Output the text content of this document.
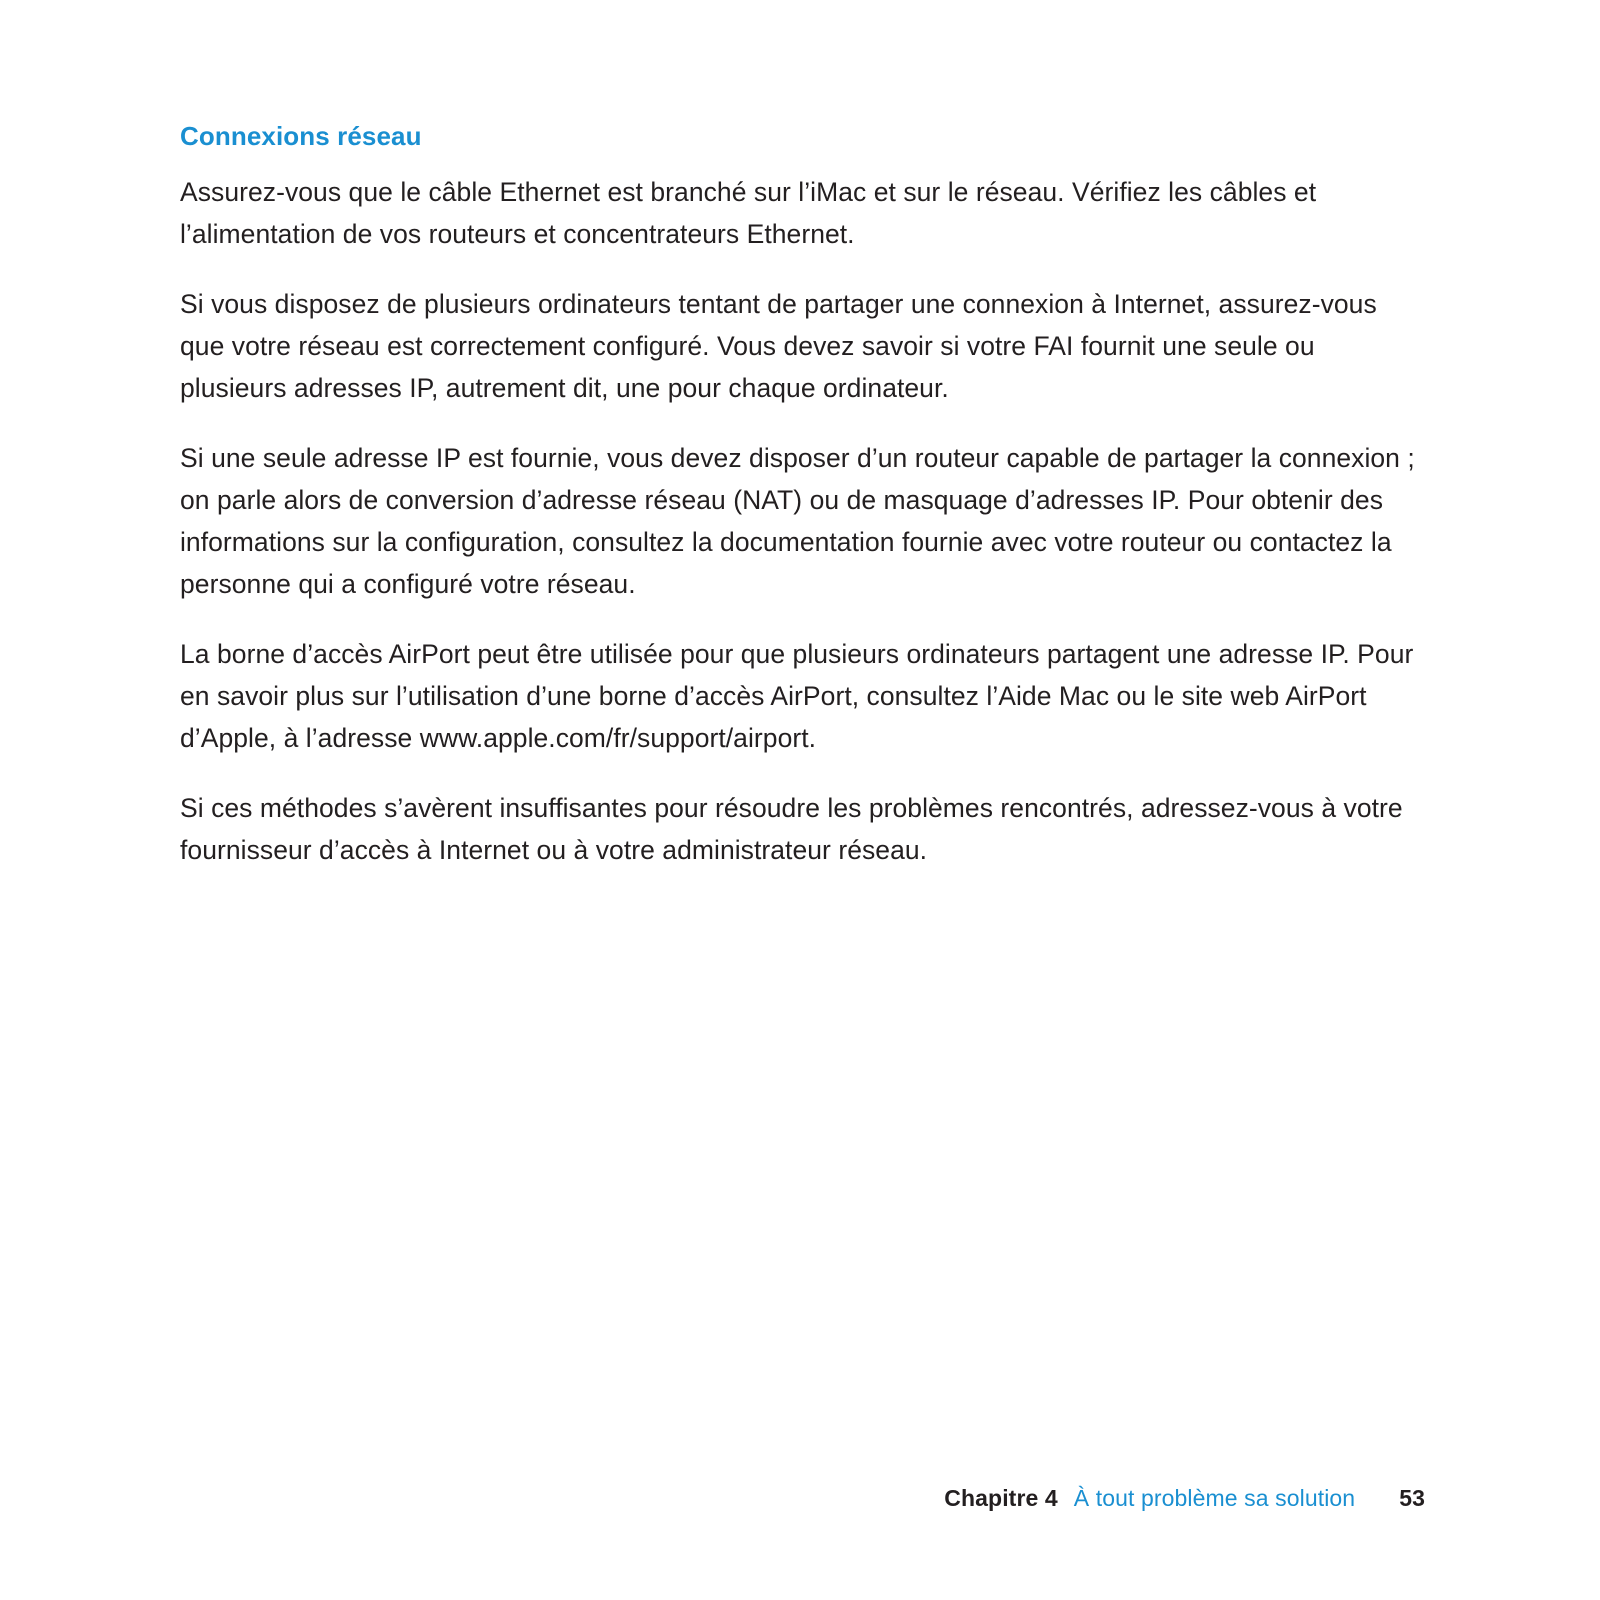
Connexions réseau

Assurez-vous que le câble Ethernet est branché sur l’iMac et sur le réseau. Vérifiez les câbles et l’alimentation de vos routeurs et concentrateurs Ethernet.

Si vous disposez de plusieurs ordinateurs tentant de partager une connexion à Internet, assurez-vous que votre réseau est correctement configuré. Vous devez savoir si votre FAI fournit une seule ou plusieurs adresses IP, autrement dit, une pour chaque ordinateur.

Si une seule adresse IP est fournie, vous devez disposer d’un routeur capable de partager la connexion ; on parle alors de conversion d’adresse réseau (NAT) ou de masquage d’adresses IP. Pour obtenir des informations sur la configuration, consultez la documentation fournie avec votre routeur ou contactez la personne qui a configuré votre réseau.

La borne d’accès AirPort peut être utilisée pour que plusieurs ordinateurs partagent une adresse IP. Pour en savoir plus sur l’utilisation d’une borne d’accès AirPort, consultez l’Aide Mac ou le site web AirPort d’Apple, à l’adresse www.apple.com/fr/support/airport.

Si ces méthodes s’avèrent insuffisantes pour résoudre les problèmes rencontrés, adressez-vous à votre fournisseur d’accès à Internet ou à votre administrateur réseau.

Chapitre 4 À tout problème sa solution 53
